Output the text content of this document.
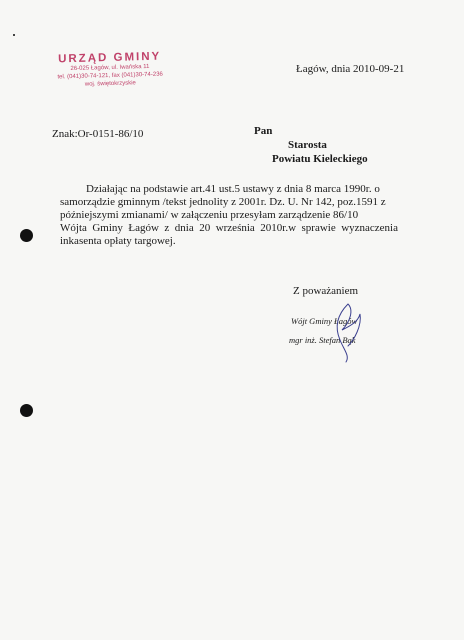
URZĄD GMINY
26-025 Łagów, ul. Iwańska 11
tel. (041)30-74-121, fax (041)30-74-236
woj. świętokrzyskie
Łagów, dnia 2010-09-21
Znak:Or-0151-86/10	Pan
Starosta
Powiatu Kieleckiego
Działając na podstawie art.41 ust.5 ustawy z dnia 8 marca 1990r. o samorządzie gminnym /tekst jednolity z 2001r. Dz. U. Nr 142, poz.1591 z późniejszymi zmianami/ w załączeniu przesyłam zarządzenie 86/10
Wójta Gminy Łagów z dnia 20 września 2010r.w sprawie wyznaczenia inkasenta opłaty targowej.
Z poważaniem
Wójt Gminy Łagów
mgr inż. Stefan Bąk
